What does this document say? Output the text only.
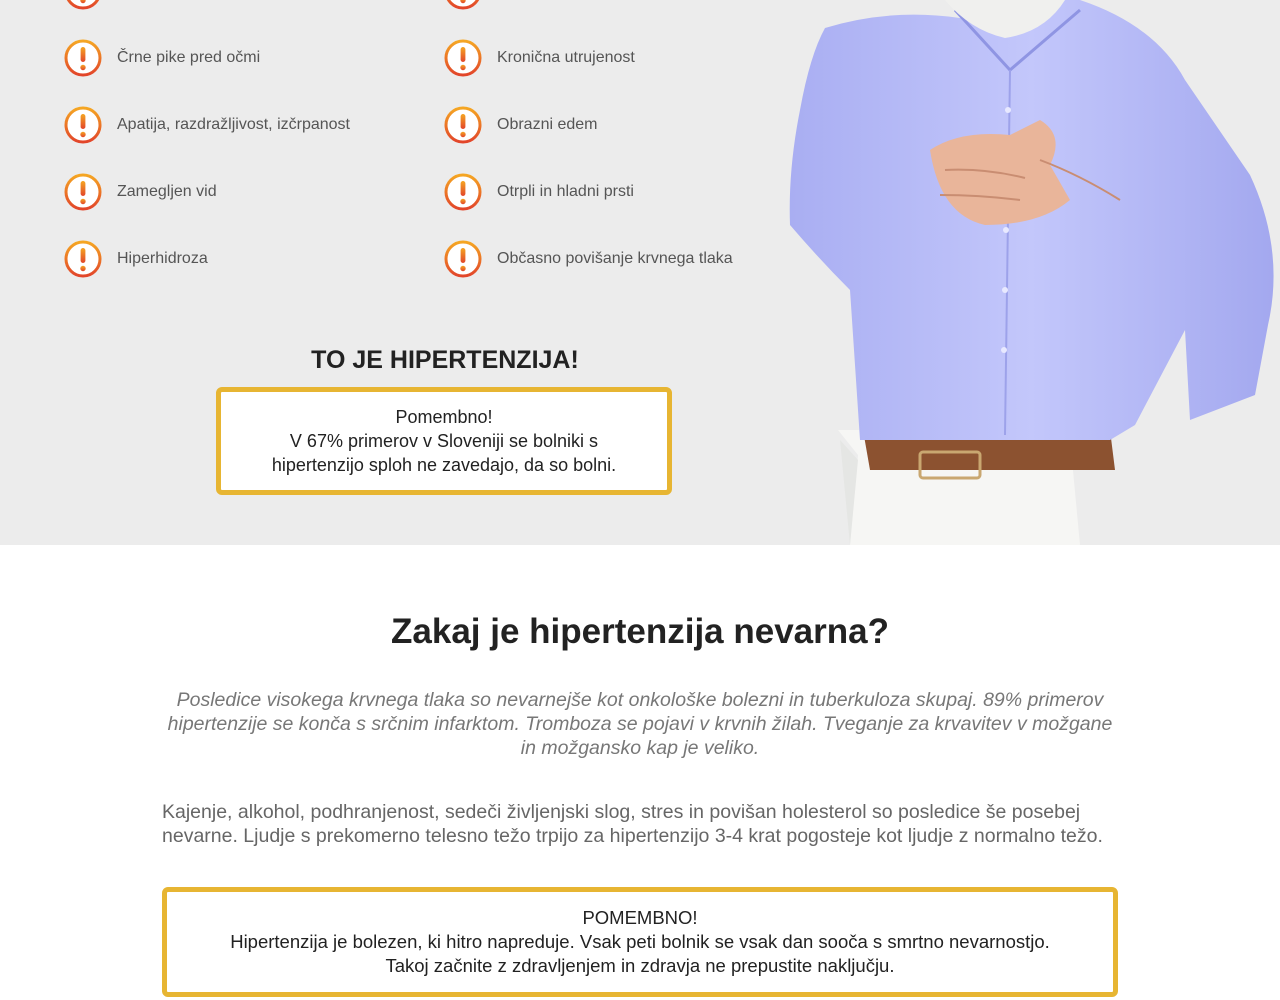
Črne pike pred očmi
Apatija, razdražljivost, izčrpanost
Zamegljen vid
Hiperhidroza
Kronična utrujenost
Obrazni edem
Otrpli in hladni prsti
Občasno povišanje krvnega tlaka
TO JE HIPERTENZIJA!
Pomembno!
V 67% primerov v Sloveniji se bolniki s
hipertenzijo sploh ne zavedajo, da so bolni.
Zakaj je hipertenzija nevarna?
Posledice visokega krvnega tlaka so nevarnejše kot onkološke bolezni in tuberkuloza skupaj. 89% primerov
hipertenzije se konča s srčnim infarktom. Tromboza se pojavi v krvnih žilah. Tveganje za krvavitev v možgane
in možgansko kap je veliko.
Kajenje, alkohol, podhranjenost, sedeči življenjski slog, stres in povišan holesterol so posledice še posebej
nevarne. Ljudje s prekomerno telesno težo trpijo za hipertenzijo 3-4 krat pogosteje kot ljudje z normalno težo.
POMEMBNO!
Hipertenzija je bolezen, ki hitro napreduje. Vsak peti bolnik se vsak dan sooča s smrtno nevarnostjo.
Takoj začnite z zdravljenjem in zdravja ne prepustite naključju.
